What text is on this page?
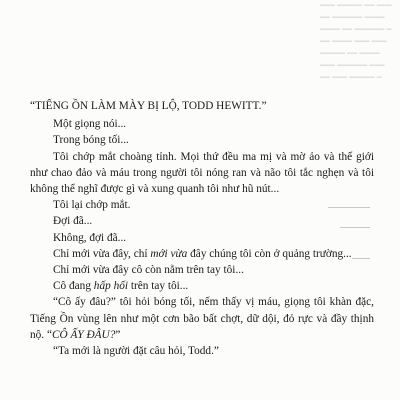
━━━ ━━━━━ ━━ ━━━
━━ ━━━━━━ ━━━━
━━━━ ━━ ━━━━━━ ━
━━ ━━━━ ━━━ ━━━
━━━━━ ━━ ━━━━
━━━ ━━━━━━ ━━━
━━ ━━━ ━━━━━ ━

“TIẾNG ỒN LÀM MÀY BỊ LỘ, TODD HEWITT.”

Một giọng nói...

Trong bóng tối...

Tôi chớp mắt choàng tỉnh. Mọi thứ đều ma mị và mờ ảo và thế giới như chao đảo và máu trong người tôi nóng ran và não tôi tắc nghẹn và tôi không thể nghĩ được gì và xung quanh tôi như hũ nút...

Tôi lại chớp mắt.

Đợi đã...

Không, đợi đã...

Chỉ mới vừa đây, chỉ mới vừa đây chúng tôi còn ở quảng trường...

Chỉ mới vừa đây cô còn nằm trên tay tôi...

Cô đang hấp hối trên tay tôi...

“Cô ấy đâu?” tôi hỏi bóng tối, nếm thấy vị máu, giọng tôi khàn đặc, Tiếng Ồn vùng lên như một cơn bão bất chợt, dữ dội, đỏ rực và đầy thịnh nộ. “CÔ ẤY ĐÂU?”

“Ta mới là người đặt câu hỏi, Todd.”
